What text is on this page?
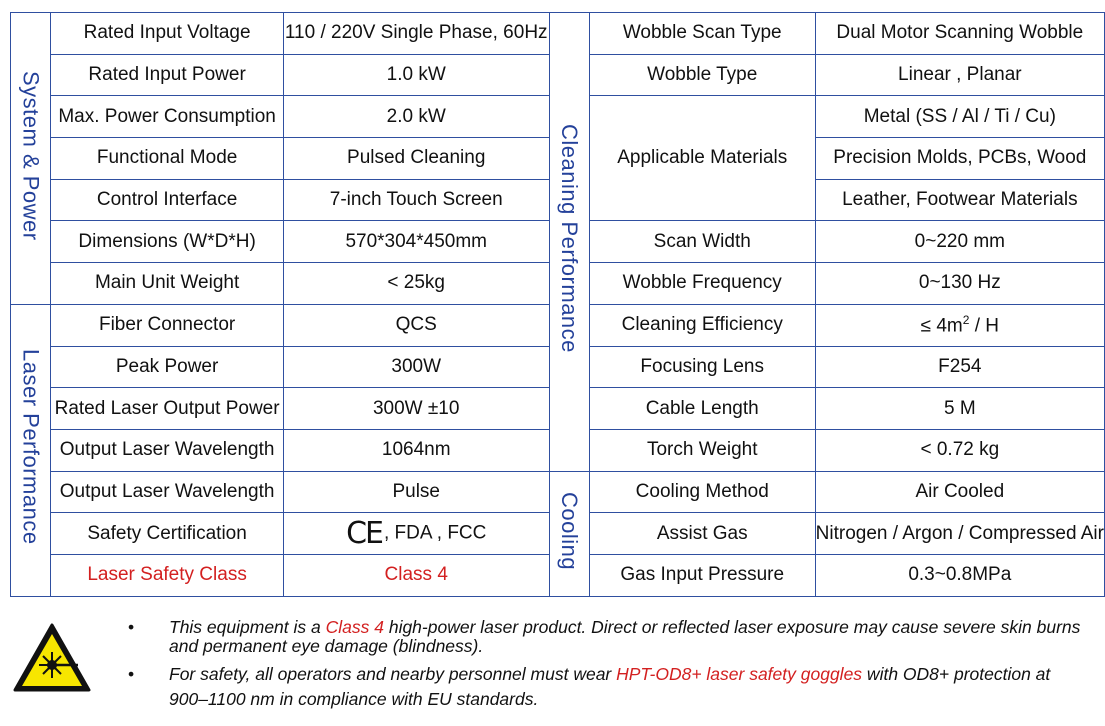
System & Power	Rated Input Voltage	110 / 220V Single Phase, 60Hz	Cleaning Performance	Wobble Scan Type	Dual Motor Scanning Wobble
	Rated Input Power	1.0 kW		Wobble Type	Linear , Planar
	Max. Power Consumption	2.0 kW		Applicable Materials	Metal (SS / Al / Ti / Cu)
	Functional Mode	Pulsed Cleaning			Precision Molds, PCBs, Wood
	Control Interface	7-inch Touch Screen			Leather, Footwear Materials
	Dimensions (W*D*H)	570*304*450mm		Scan Width	0~220 mm
	Main Unit Weight	< 25kg		Wobble Frequency	0~130 Hz
Laser Performance	Fiber Connector	QCS		Cleaning Efficiency	≤ $4m^2$ / H
	Peak Power	300W		Focusing Lens	F254
	Rated Laser Output Power	300W ±10		Cable Length	5 M
	Output Laser Wavelength	1064nm		Torch Weight	< 0.72 kg
	Output Laser Wavelength	Pulse	Cooling	Cooling Method	Air Cooled
	Safety Certification	CE , FDA , FCC		Assist Gas	Nitrogen / Argon / Compressed Air
	Laser Safety Class	Class 4		Gas Input Pressure	0.3~0.8MPa
• This equipment is a Class 4 high-power laser product. Direct or reflected laser exposure may cause severe skin burns and permanent eye damage (blindness).
• For safety, all operators and nearby personnel must wear HPT-OD8+ laser safety goggles with OD8+ protection at 900–1100 nm in compliance with EU standards.
